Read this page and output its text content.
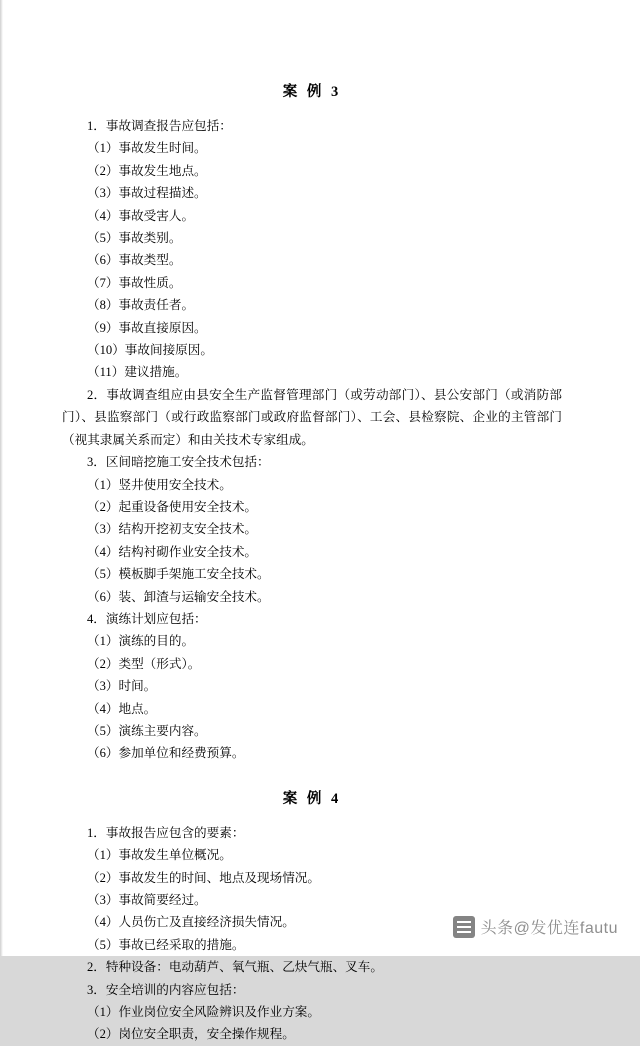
案 例 3

1．事故调查报告应包括：

（1）事故发生时间。

（2）事故发生地点。

（3）事故过程描述。

（4）事故受害人。

（5）事故类别。

（6）事故类型。

（7）事故性质。

（8）事故责任者。

（9）事故直接原因。

（10）事故间接原因。

（11）建议措施。

2．事故调查组应由县安全生产监督管理部门（或劳动部门）、县公安部门（或消防部门）、县监察部门（或行政监察部门或政府监督部门）、工会、县检察院、企业的主管部门（视其隶属关系而定）和由关技术专家组成。

3．区间暗挖施工安全技术包括：

（1）竖井使用安全技术。

（2）起重设备使用安全技术。

（3）结构开挖初支安全技术。

（4）结构衬砌作业安全技术。

（5）模板脚手架施工安全技术。

（6）装、卸渣与运输安全技术。

4．演练计划应包括：

（1）演练的目的。

（2）类型（形式）。

（3）时间。

（4）地点。

（5）演练主要内容。

（6）参加单位和经费预算。

案 例 4

1．事故报告应包含的要素：

（1）事故发生单位概况。

（2）事故发生的时间、地点及现场情况。

（3）事故简要经过。

（4）人员伤亡及直接经济损失情况。

（5）事故已经采取的措施。

2．特种设备：电动葫芦、氧气瓶、乙炔气瓶、叉车。

3．安全培训的内容应包括：

（1）作业岗位安全风险辨识及作业方案。

（2）岗位安全职责，安全操作规程。

头条@发优连fautu
